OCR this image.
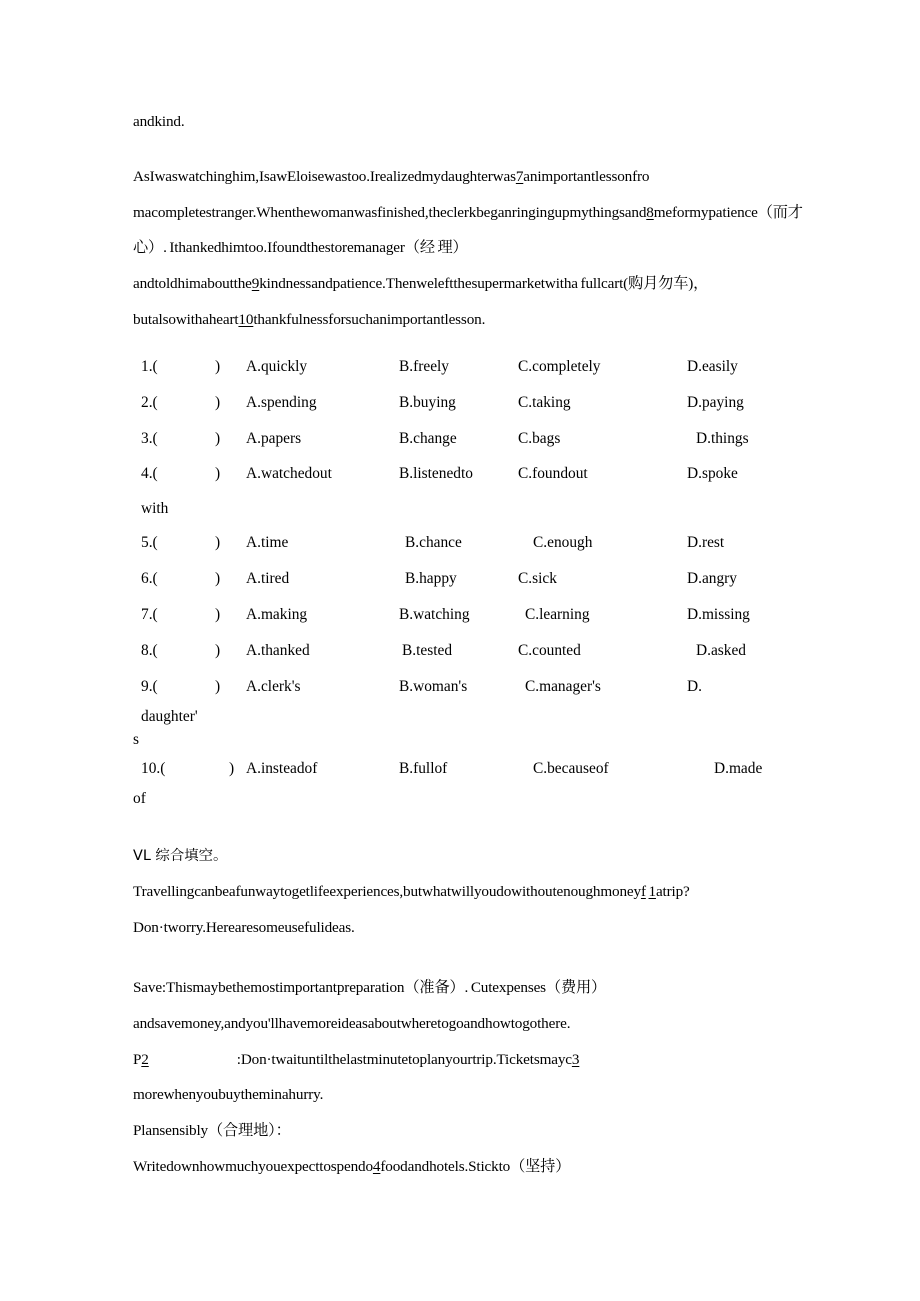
andkind.

AsIwaswatchinghim,IsawEloisewastoo.Irealizedmydaughterwas7animportantlessonfro macompletestranger.Whenthewomanwasfinished,theclerkbeganringingupmythingsand8meformypatience（而才心）. Ithankedhimtoo.Ifoundthestoremanager（经 理）andtoldhimaboutthe9kindnessandpatience.Thenweleftthesupermarketwitha fullcart(购月勿车)，butalsowithaheart10thankfulnessforsuchanimportantlesson.
1.(	) A.quickly	B.freely	C.completely	D.easily
2.(	) A.spending	B.buying	C.taking	D.paying
3.(	) A.papers	B.change	C.bags	D.things
4.(	) A.watchedout	B.listenedto	C.foundout	D.spoke
with
5.(	) A.time	B.chance	C.enough	D.rest
6.(	) A.tired	B.happy	C.sick	D.angry
7.(	) A.making	B.watching	C.learning	D.missing
8.(	) A.thanked	B.tested	C.counted	D.asked
9.(	) A.clerk's	B.woman's	C.manager's	D.
daughter'
s
10.(	) A.insteadof	B.fullof	C.becauseof	D.made
of

VL 综合填空。

Travellingcanbeafunwaytogetlifeexperiences,butwhatwillyoudowithoutenoughmoneyf 1atrip?Don·tworry.Herearesomeusefulideas.
Save:Thismaybethemostimportantpreparation（准备）. Cutexpenses（费用） andsavemoney,andyou'llhavemoreideasaboutwheretogoandhowtogothere.
P2	:Don·twaituntilthelastminutetoplanyourtrip.Ticketsmayc3
morewhenyoubuytheminahurry.
Plansensibly（合理地）：
Writedownhowmuchyouexpecttospendo4foodandhotels.Stickto（坚持）
